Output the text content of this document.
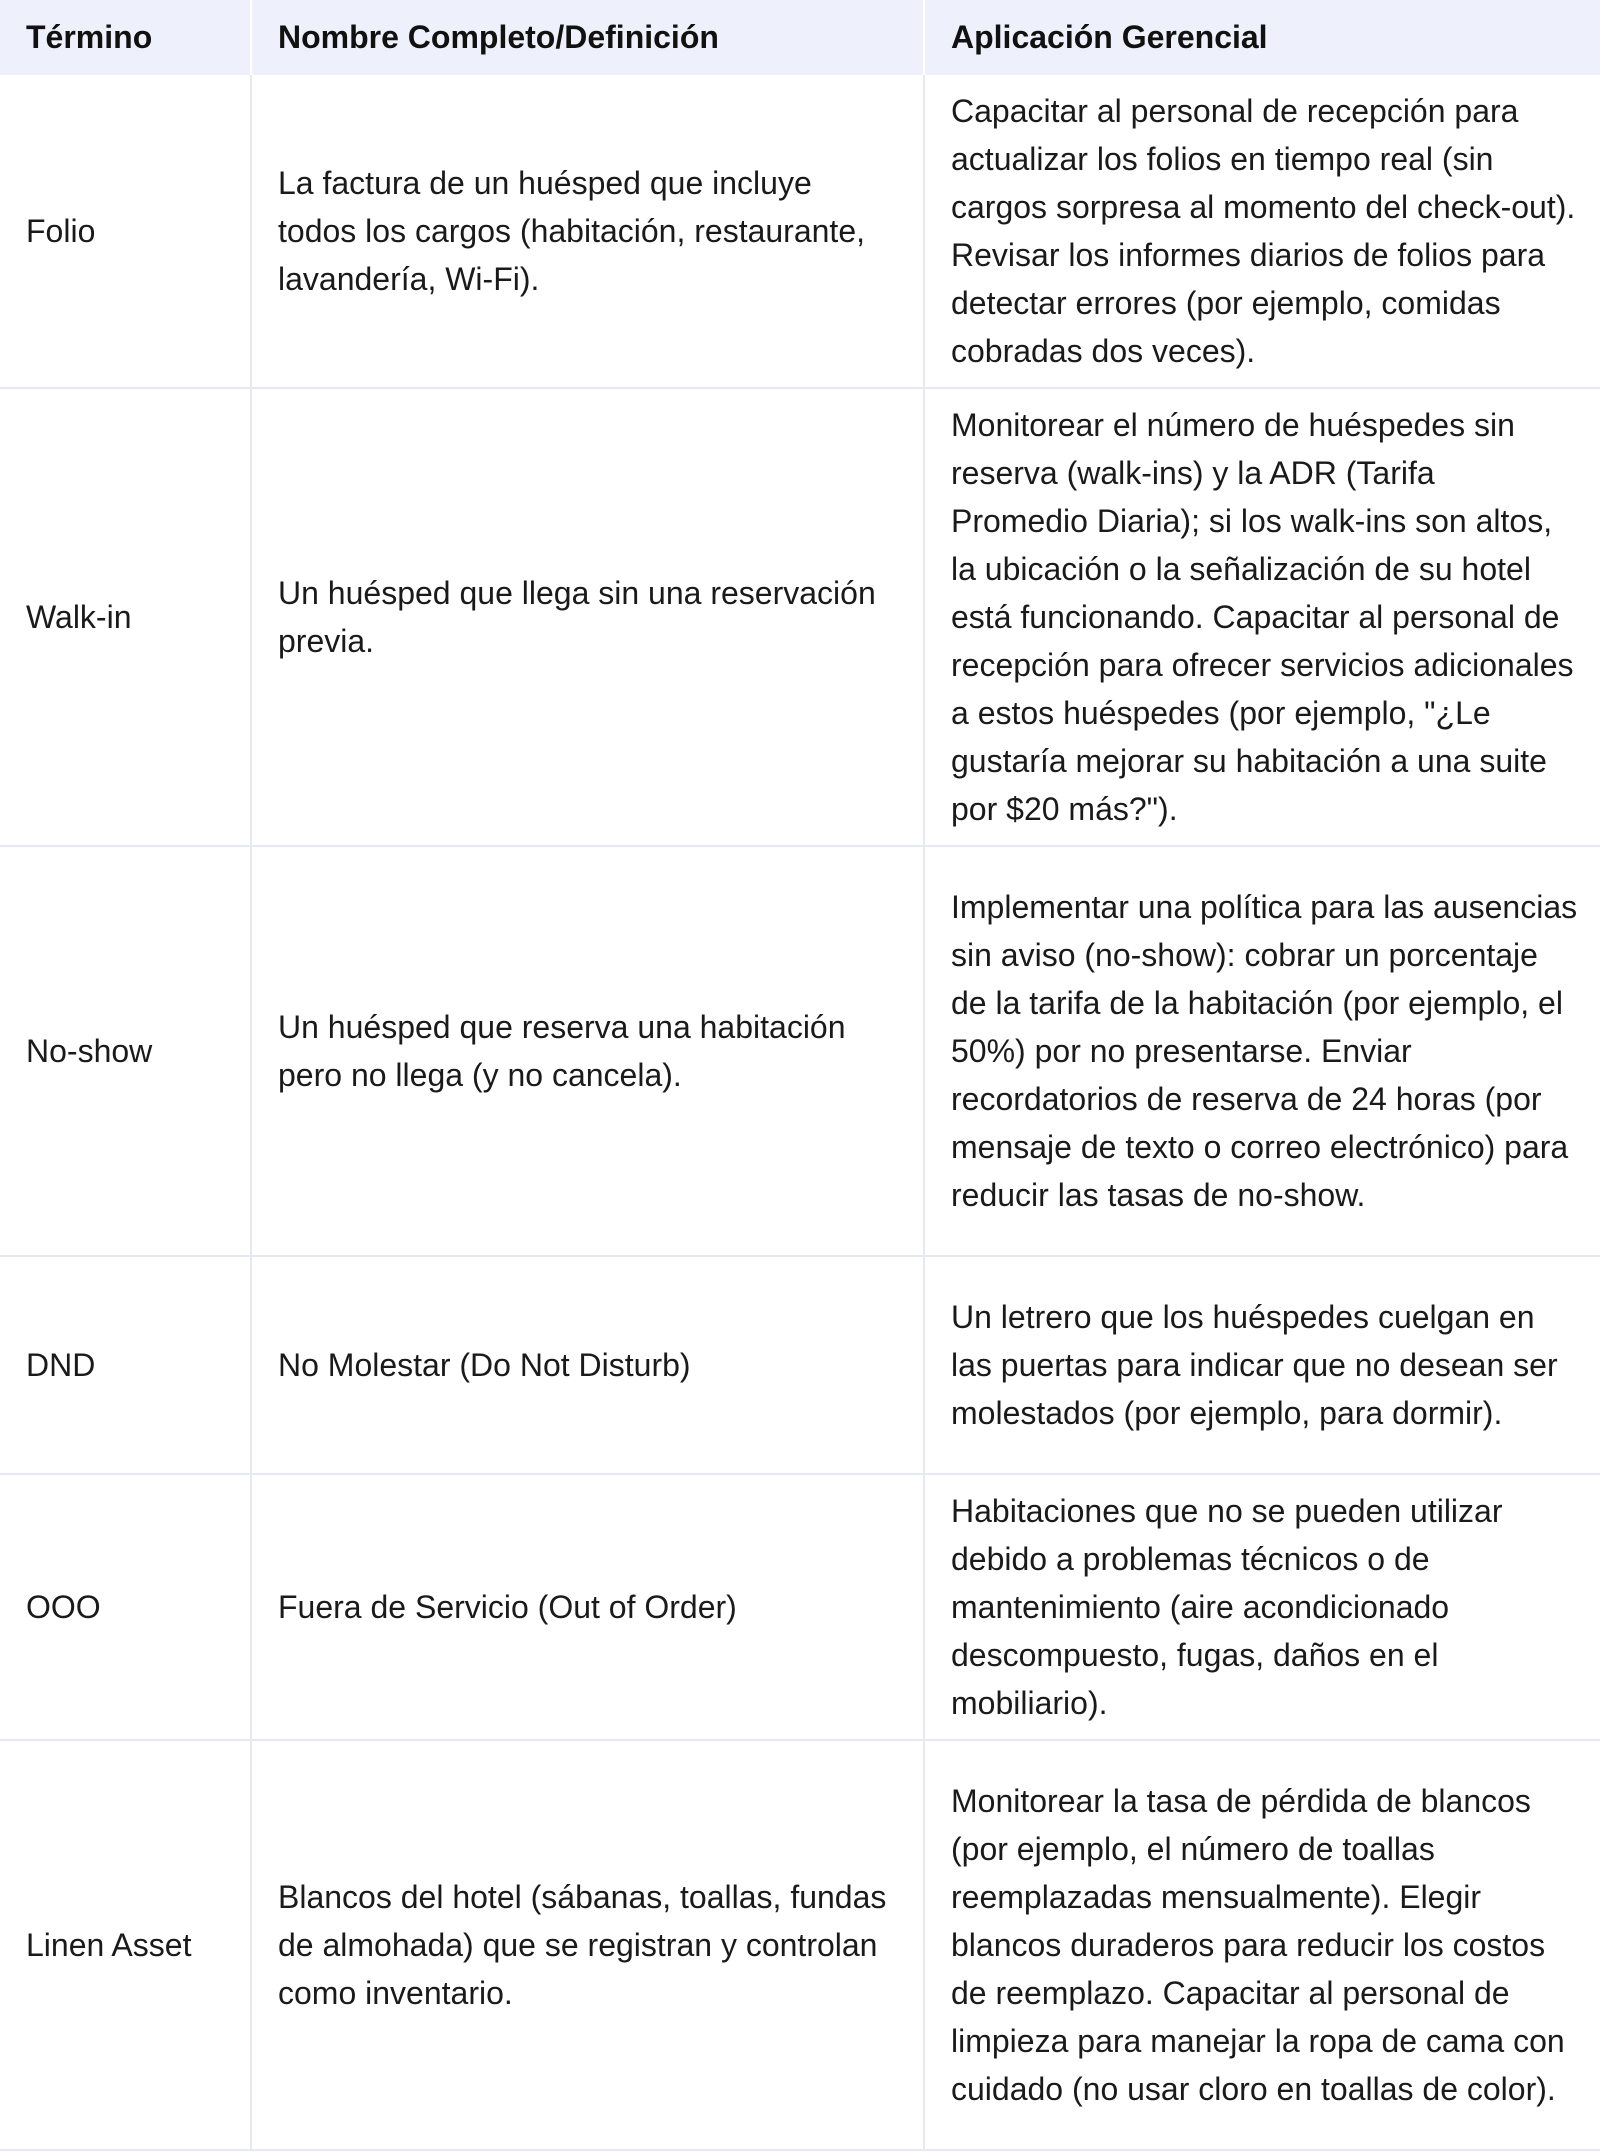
Término	Nombre Completo/Definición	Aplicación Gerencial
Folio	La factura de un huésped que incluye todos los cargos (habitación, restaurante, lavandería, Wi-Fi).	Capacitar al personal de recepción para actualizar los folios en tiempo real (sin cargos sorpresa al momento del check-out). Revisar los informes diarios de folios para detectar errores (por ejemplo, comidas cobradas dos veces).
Walk-in	Un huésped que llega sin una reservación previa.	Monitorear el número de huéspedes sin reserva (walk-ins) y la ADR (Tarifa Promedio Diaria); si los walk-ins son altos, la ubicación o la señalización de su hotel está funcionando. Capacitar al personal de recepción para ofrecer servicios adicionales a estos huéspedes (por ejemplo, "¿Le gustaría mejorar su habitación a una suite por $20 más?").
No-show	Un huésped que reserva una habitación pero no llega (y no cancela).	Implementar una política para las ausencias sin aviso (no-show): cobrar un porcentaje de la tarifa de la habitación (por ejemplo, el 50%) por no presentarse. Enviar recordatorios de reserva de 24 horas (por mensaje de texto o correo electrónico) para reducir las tasas de no-show.
DND	No Molestar (Do Not Disturb)	Un letrero que los huéspedes cuelgan en las puertas para indicar que no desean ser molestados (por ejemplo, para dormir).
OOO	Fuera de Servicio (Out of Order)	Habitaciones que no se pueden utilizar debido a problemas técnicos o de mantenimiento (aire acondicionado descompuesto, fugas, daños en el mobiliario).
Linen Asset	Blancos del hotel (sábanas, toallas, fundas de almohada) que se registran y controlan como inventario.	Monitorear la tasa de pérdida de blancos (por ejemplo, el número de toallas reemplazadas mensualmente). Elegir blancos duraderos para reducir los costos de reemplazo. Capacitar al personal de limpieza para manejar la ropa de cama con cuidado (no usar cloro en toallas de color).
